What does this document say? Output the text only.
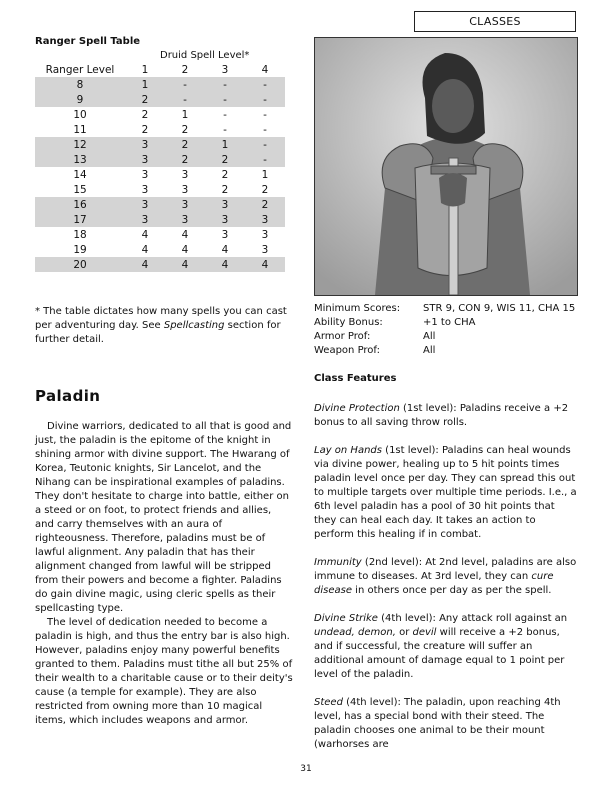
CLASSES
Ranger Spell Table
Druid Spell Level*
Ranger Level	1	2	3	4
8	1	-	-	-
9	2	-	-	-
10	2	1	-	-
11	2	2	-	-
12	3	2	1	-
13	3	2	2	-
14	3	3	2	1
15	3	3	2	2
16	3	3	3	2
17	3	3	3	3
18	4	4	3	3
19	4	4	4	3
20	4	4	4	4
* The table dictates how many spells you can cast per adventuring day. See Spellcasting section for further detail.
Paladin

Divine warriors, dedicated to all that is good and just, the paladin is the epitome of the knight in shining armor with divine support. The Hwarang of Korea, Teutonic knights, Sir Lancelot, and the Nihang can be inspirational examples of paladins. They don't hesitate to charge into battle, either on a steed or on foot, to protect friends and allies, and carry themselves with an aura of righteousness. Therefore, paladins must be of lawful alignment. Any paladin that has their alignment changed from lawful will be stripped from their powers and become a fighter. Paladins do gain divine magic, using cleric spells as their spellcasting type.

The level of dedication needed to become a paladin is high, and thus the entry bar is also high. However, paladins enjoy many powerful benefits granted to them. Paladins must tithe all but 25% of their wealth to a charitable cause or to their deity's cause (a temple for example). They are also restricted from owning more than 10 magical items, which includes weapons and armor.

Minimum Scores:	STR 9, CON 9, WIS 11, CHA 15
Ability Bonus:	+1 to CHA
Armor Prof:	All
Weapon Prof:	All
Class Features

Divine Protection (1st level): Paladins receive a +2 bonus to all saving throw rolls.

Lay on Hands (1st level): Paladins can heal wounds via divine power, healing up to 5 hit points times paladin level once per day. They can spread this out to multiple targets over multiple time periods. I.e., a 6th level paladin has a pool of 30 hit points that they can heal each day. It takes an action to perform this healing if in combat.

Immunity (2nd level): At 2nd level, paladins are also immune to diseases. At 3rd level, they can cure disease in others once per day as per the spell.

Divine Strike (4th level): Any attack roll against an undead, demon, or devil will receive a +2 bonus, and if successful, the creature will suffer an additional amount of damage equal to 1 point per level of the paladin.

Steed (4th level): The paladin, upon reaching 4th level, has a special bond with their steed. The paladin chooses one animal to be their mount (warhorses are

31
